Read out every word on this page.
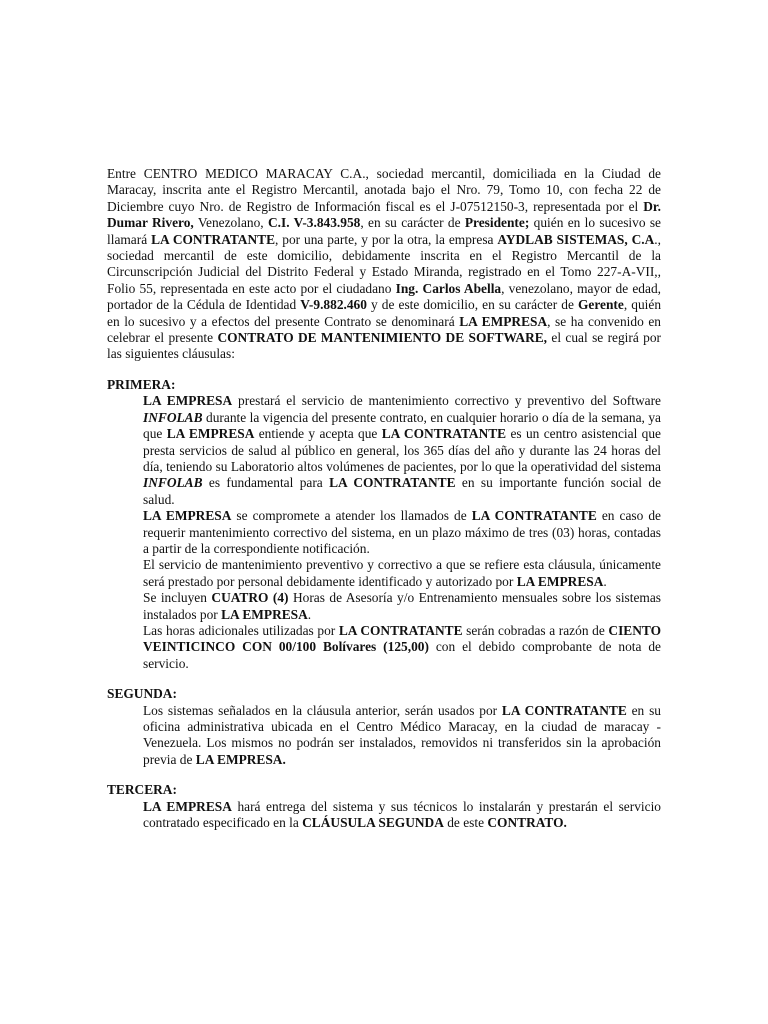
Entre CENTRO MEDICO MARACAY C.A., sociedad mercantil, domiciliada en la Ciudad de Maracay, inscrita ante el Registro Mercantil, anotada bajo el Nro. 79, Tomo 10, con fecha 22 de Diciembre cuyo Nro. de Registro de Información fiscal es el J-07512150-3, representada por el Dr. Dumar Rivero, Venezolano, C.I. V-3.843.958, en su carácter de Presidente; quién en lo sucesivo se llamará LA CONTRATANTE, por una parte, y por la otra, la empresa AYDLAB SISTEMAS, C.A., sociedad mercantil de este domicilio, debidamente inscrita en el Registro Mercantil de la Circunscripción Judicial del Distrito Federal y Estado Miranda, registrado en el Tomo 227-A-VII,, Folio 55, representada en este acto por el ciudadano Ing. Carlos Abella, venezolano, mayor de edad, portador de la Cédula de Identidad V-9.882.460 y de este domicilio, en su carácter de Gerente, quién en lo sucesivo y a efectos del presente Contrato se denominará LA EMPRESA, se ha convenido en celebrar el presente CONTRATO DE MANTENIMIENTO DE SOFTWARE, el cual se regirá por las siguientes cláusulas:

PRIMERA:

LA EMPRESA prestará el servicio de mantenimiento correctivo y preventivo del Software INFOLAB durante la vigencia del presente contrato, en cualquier horario o día de la semana, ya que LA EMPRESA entiende y acepta que LA CONTRATANTE es un centro asistencial que presta servicios de salud al público en general, los 365 días del año y durante las 24 horas del día, teniendo su Laboratorio altos volúmenes de pacientes, por lo que la operatividad del sistema INFOLAB es fundamental para LA CONTRATANTE en su importante función social de salud.

LA EMPRESA se compromete a atender los llamados de LA CONTRATANTE en caso de requerir mantenimiento correctivo del sistema, en un plazo máximo de tres (03) horas, contadas a partir de la correspondiente notificación.

El servicio de mantenimiento preventivo y correctivo a que se refiere esta cláusula, únicamente será prestado por personal debidamente identificado y autorizado por LA EMPRESA.

Se incluyen CUATRO (4) Horas de Asesoría y/o Entrenamiento mensuales sobre los sistemas instalados por LA EMPRESA.

Las horas adicionales utilizadas por LA CONTRATANTE serán cobradas a razón de CIENTO VEINTICINCO CON 00/100 Bolívares (125,00) con el debido comprobante de nota de servicio.

SEGUNDA:

Los sistemas señalados en la cláusula anterior, serán usados por LA CONTRATANTE en su oficina administrativa ubicada en el Centro Médico Maracay, en la ciudad de maracay - Venezuela. Los mismos no podrán ser instalados, removidos ni transferidos sin la aprobación previa de LA EMPRESA.

TERCERA:

LA EMPRESA hará entrega del sistema y sus técnicos lo instalarán y prestarán el servicio contratado especificado en la CLÁUSULA SEGUNDA de este CONTRATO.
